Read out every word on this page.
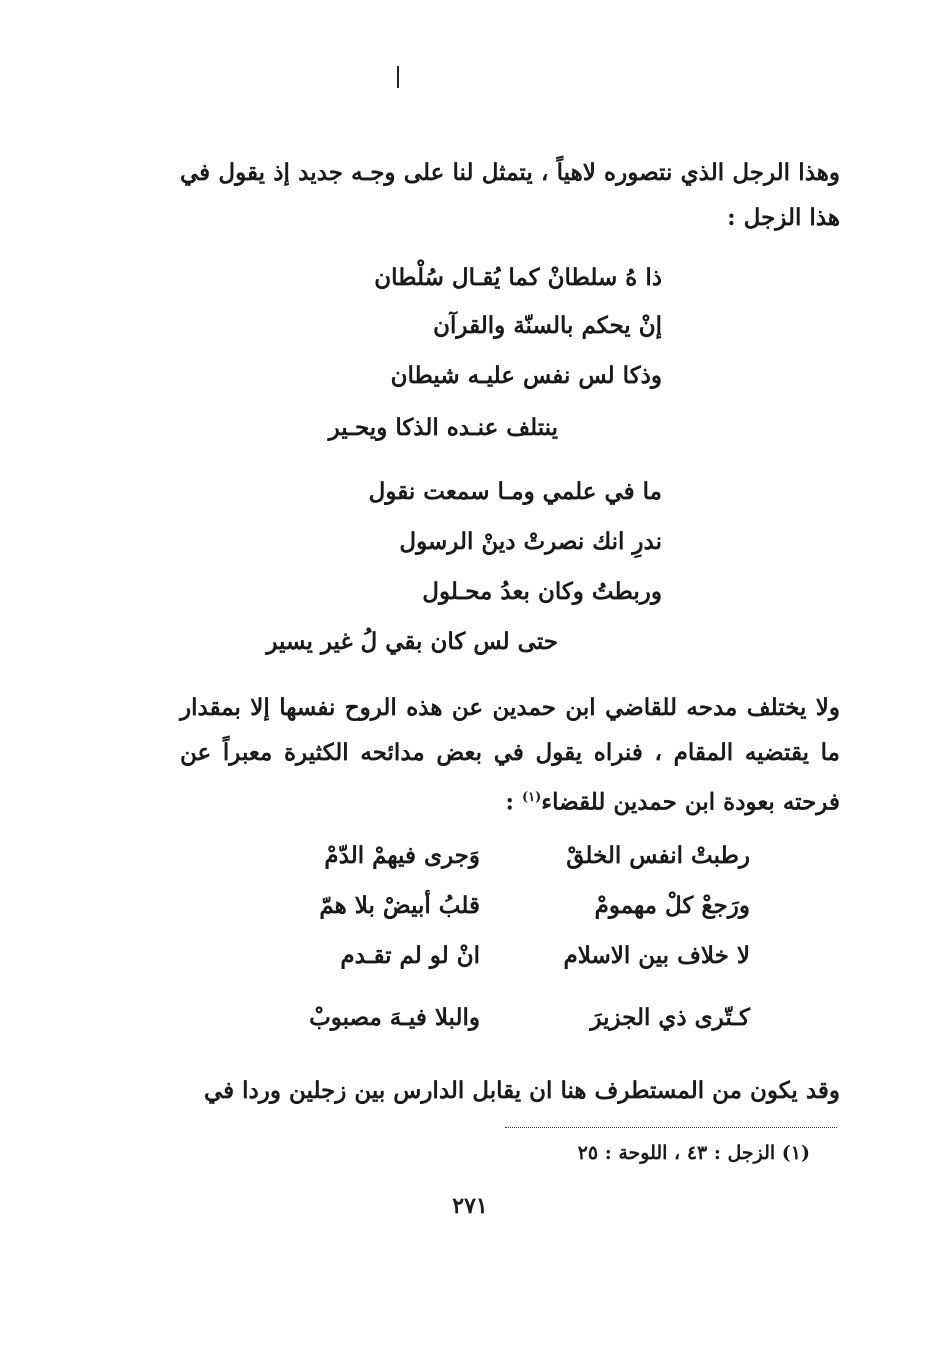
وهذا الرجل الذي نتصوره لاهياً ، يتمثل لنا على وجـه جديد إذ يقول في هذا الزجل :
ذا هُ سلطانْ كما يُقـال سُلْطان
إنْ يحكم بالسنّة والقرآن
وذكا لس نفس عليـه شيطان
ينتلف عنـده الذكا ويحـير
ما في علمي ومـا سمعت نقول
ندرِ انك نصرتْ دينْ الرسول
وربطتُ وكان بعدُ محـلول
حتى لس كان بقي لُ غير يسير
ولا يختلف مدحه للقاضي ابن حمدين عن هذه الروح نفسها إلا بمقدار ما يقتضيه المقام ، فنراه يقول في بعض مدائحه الكثيرة معبراً عن فرحته بعودة ابن حمدين للقضاء$^{(١)}$ :
رطبتْ انفس الخلقْ
وَجرى فيهمْ الدّمْ
ورَجعْ كلْ مهمومْ
قلبُ أبيضْ بلا همّ
لا خلاف بين الاسلام
انْ لو لم تقـدم
كـتّرى ذي الجزيرَ
والبلا فيـهَ مصبوبْ
وقد يكون من المستطرف هنا ان يقابل الدارس بين زجلين وردا في
(١) الزجل : ٤٣ ، اللوحة : ٢٥
٢٧١
